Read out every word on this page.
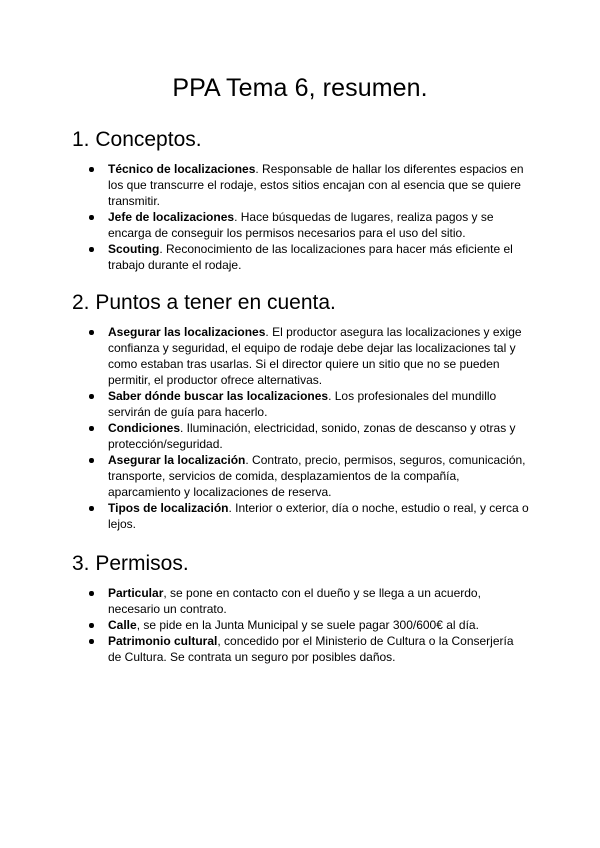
PPA Tema 6, resumen.
1. Conceptos.
Técnico de localizaciones. Responsable de hallar los diferentes espacios en los que transcurre el rodaje, estos sitios encajan con al esencia que se quiere transmitir.
Jefe de localizaciones. Hace búsquedas de lugares, realiza pagos y se encarga de conseguir los permisos necesarios para el uso del sitio.
Scouting. Reconocimiento de las localizaciones para hacer más eficiente el trabajo durante el rodaje.
2. Puntos a tener en cuenta.
Asegurar las localizaciones. El productor asegura las localizaciones y exige confianza y seguridad, el equipo de rodaje debe dejar las localizaciones tal y como estaban tras usarlas. Si el director quiere un sitio que no se pueden permitir, el productor ofrece alternativas.
Saber dónde buscar las localizaciones. Los profesionales del mundillo servirán de guía para hacerlo.
Condiciones. Iluminación, electricidad, sonido, zonas de descanso y otras y protección/seguridad.
Asegurar la localización. Contrato, precio, permisos, seguros, comunicación, transporte, servicios de comida, desplazamientos de la compañía, aparcamiento y localizaciones de reserva.
Tipos de localización. Interior o exterior, día o noche, estudio o real, y cerca o lejos.
3. Permisos.
Particular, se pone en contacto con el dueño y se llega a un acuerdo, necesario un contrato.
Calle, se pide en la Junta Municipal y se suele pagar 300/600€ al día.
Patrimonio cultural, concedido por el Ministerio de Cultura o la Conserjería de Cultura. Se contrata un seguro por posibles daños.
